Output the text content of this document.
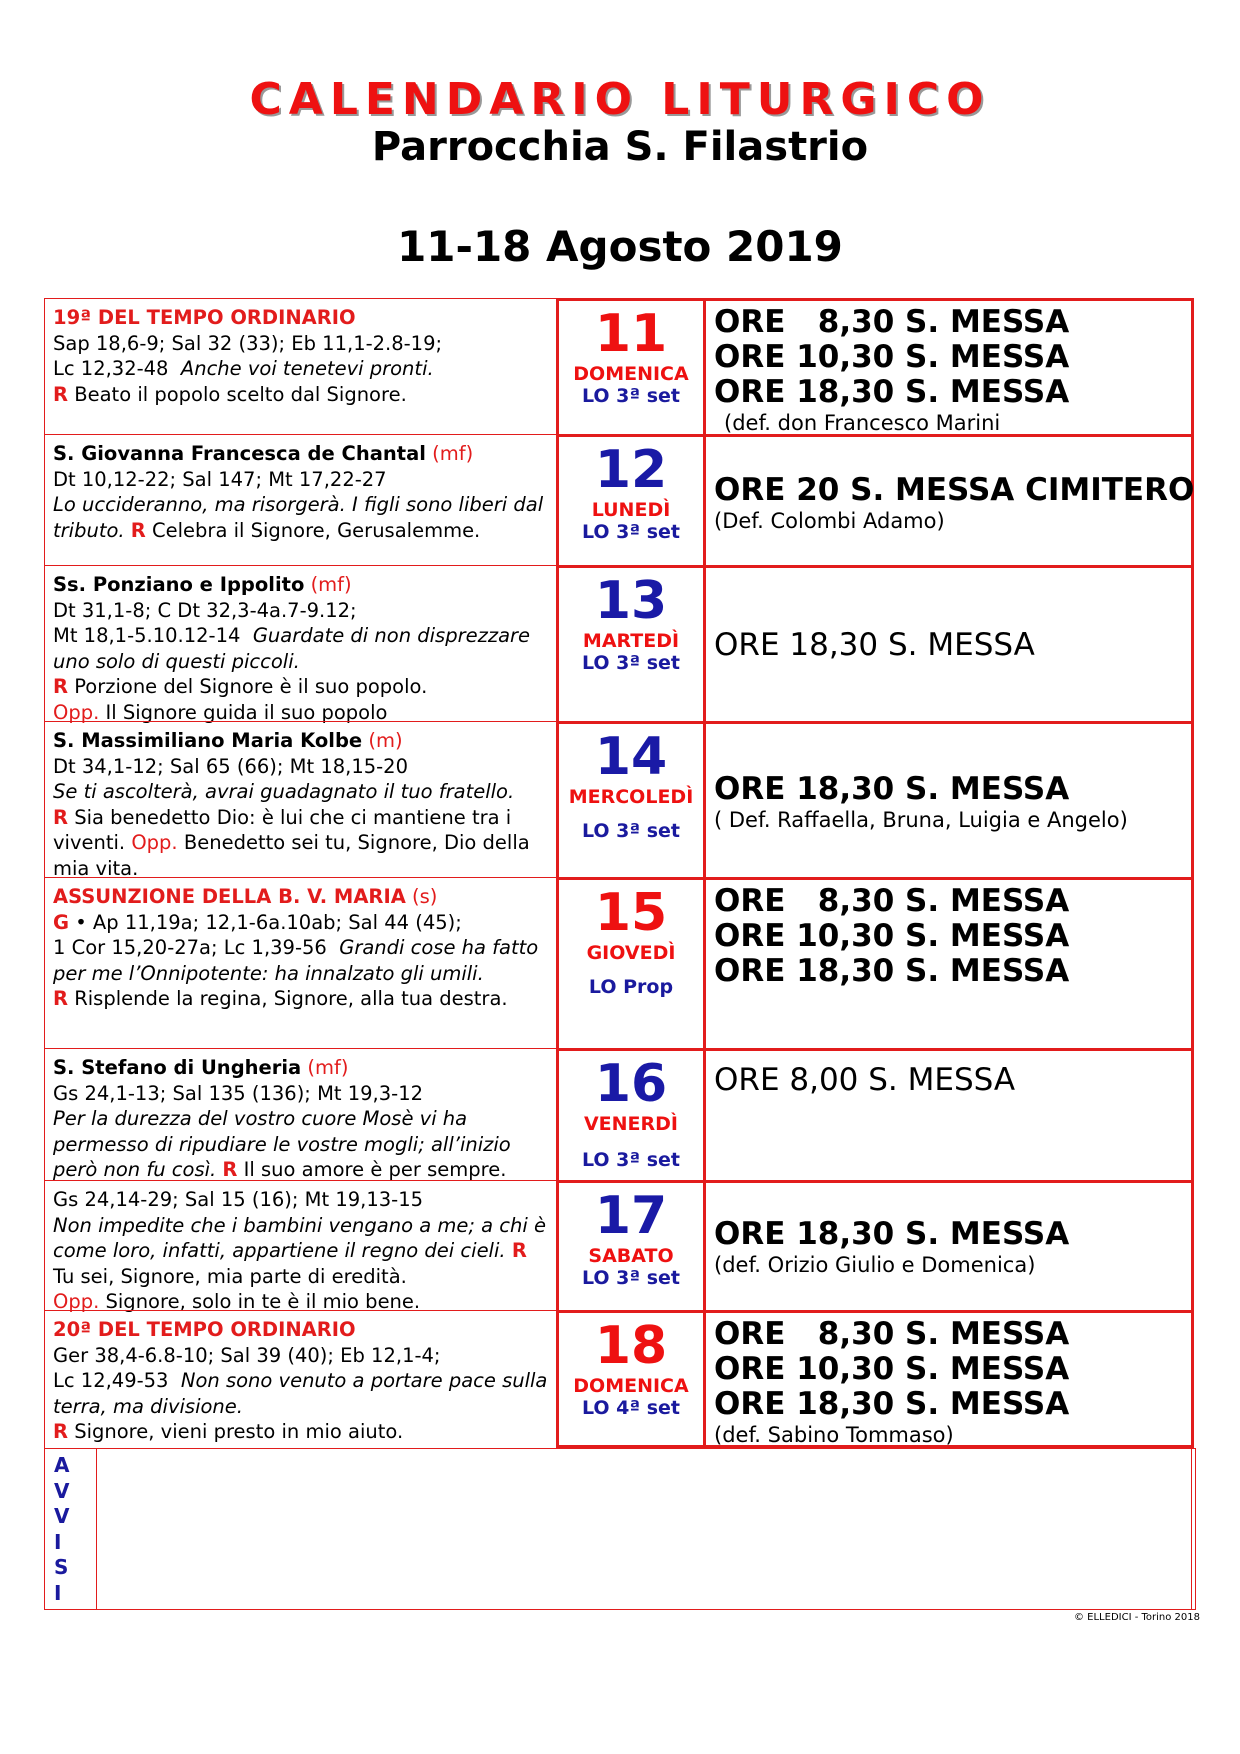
CALENDARIO LITURGICO
Parrocchia S. Filastrio
11-18 Agosto 2019
19ª DEL TEMPO ORDINARIO
Sap 18,6-9; Sal 32 (33); Eb 11,1-2.8-19;
Lc 12,32-48 Anche voi tenetevi pronti.
R Beato il popolo scelto dal Signore.
11
DOMENICA
LO 3ª set
ORE   8,30 S. MESSA
ORE 10,30 S. MESSA
ORE 18,30 S. MESSA
(def. don Francesco Marini
S. Giovanna Francesca de Chantal (mf)
Dt 10,12-22; Sal 147; Mt 17,22-27
Lo uccideranno, ma risorgerà. I figli sono liberi dal tributo. R Celebra il Signore, Gerusalemme.
12
LUNEDÌ
LO 3ª set
ORE 20 S. MESSA CIMITERO
(Def. Colombi Adamo)
Ss. Ponziano e Ippolito (mf)
Dt 31,1-8; C Dt 32,3-4a.7-9.12;
Mt 18,1-5.10.12-14 Guardate di non disprezzare uno solo di questi piccoli.
R Porzione del Signore è il suo popolo.
Opp. Il Signore guida il suo popolo
13
MARTEDÌ
LO 3ª set	ORE 18,30 S. MESSA
S. Massimiliano Maria Kolbe (m)
Dt 34,1-12; Sal 65 (66); Mt 18,15-20
Se ti ascolterà, avrai guadagnato il tuo fratello.
R Sia benedetto Dio: è lui che ci mantiene tra i viventi. Opp. Benedetto sei tu, Signore, Dio della mia vita.
14
MERCOLEDÌ
LO 3ª set
ORE 18,30 S. MESSA
( Def. Raffaella, Bruna, Luigia e Angelo)
ASSUNZIONE DELLA B. V. MARIA (s)
G • Ap 11,19a; 12,1-6a.10ab; Sal 44 (45);
1 Cor 15,20-27a; Lc 1,39-56 Grandi cose ha fatto per me l’Onnipotente: ha innalzato gli umili.
R Risplende la regina, Signore, alla tua destra.
15
GIOVEDÌ
LO Prop
ORE   8,30 S. MESSA
ORE 10,30 S. MESSA
ORE 18,30 S. MESSA
S. Stefano di Ungheria (mf)
Gs 24,1-13; Sal 135 (136); Mt 19,3-12
Per la durezza del vostro cuore Mosè vi ha permesso di ripudiare le vostre mogli; all’inizio però non fu così. R Il suo amore è per sempre.
16
VENERDÌ
LO 3ª set
ORE 8,00 S. MESSA
Gs 24,14-29; Sal 15 (16); Mt 19,13-15
Non impedite che i bambini vengano a me; a chi è come loro, infatti, appartiene il regno dei cieli. R Tu sei, Signore, mia parte di eredità.
Opp. Signore, solo in te è il mio bene.
17
SABATO
LO 3ª set
ORE 18,30 S. MESSA
(def. Orizio Giulio e Domenica)
20ª DEL TEMPO ORDINARIO
Ger 38,4-6.8-10; Sal 39 (40); Eb 12,1-4;
Lc 12,49-53 Non sono venuto a portare pace sulla terra, ma divisione.
R Signore, vieni presto in mio aiuto.
18
DOMENICA
LO 4ª set
ORE   8,30 S. MESSA
ORE 10,30 S. MESSA
ORE 18,30 S. MESSA
(def. Sabino Tommaso)
A
V
V
I
S
I
© ELLEDICI - Torino 2018
